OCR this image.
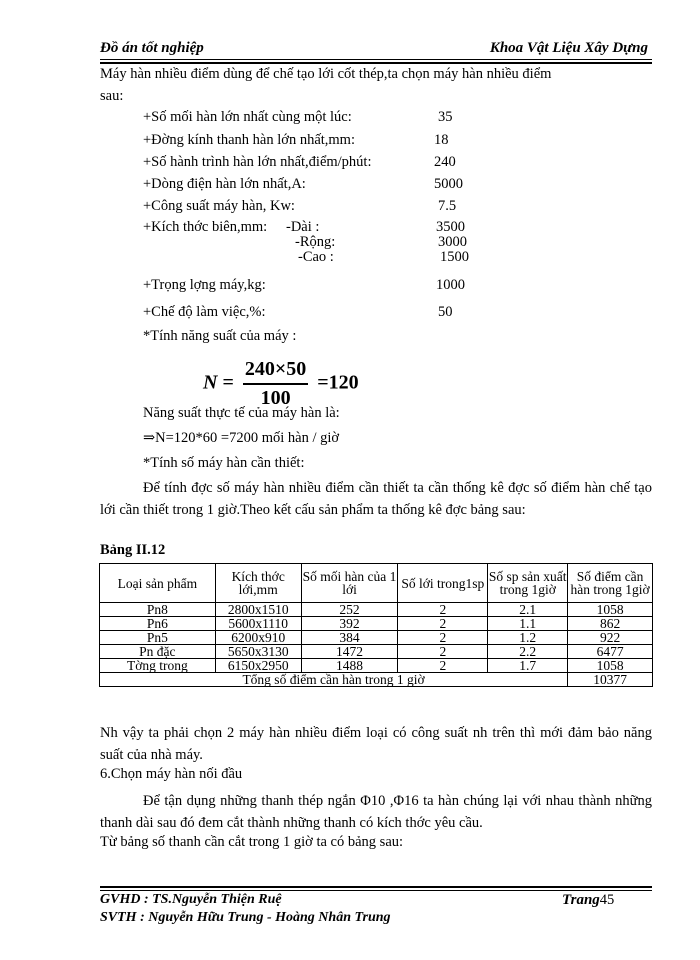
Đồ án tốt nghiệp	Khoa Vật Liệu Xây Dựng
Máy hàn nhiều điểm dùng để chế tạo lới cốt thép,ta chọn máy hàn nhiều điểm
sau:
+Số mối hàn lớn nhất cùng một lúc:	35
+Đờng kính thanh hàn lớn nhất,mm:	18
+Số hành trình hàn lớn nhất,điểm/phút:	240
+Dòng điện hàn lớn nhất,A:	5000
+Công suất máy hàn, Kw:	7.5
+Kích thớc biên,mm: -Dài :	3500
-Rộng:	3000
-Cao :	1500
+Trọng lợng máy,kg:	1000
+Chế độ làm việc,%:	50
*Tính năng suất của máy :
$N = \frac{240\times 50}{100} =120$
Năng suất thực tế của máy hàn là:
⇒N=120*60 =7200 mối hàn / giờ
*Tính số máy hàn cần thiết:
Để tính đợc số máy hàn nhiều điểm cần thiết ta cần thống kê đợc số điểm hàn chế tạo lới cần thiết trong 1 giờ.Theo kết cấu sản phẩm ta thống kê đợc bảng sau:
Bảng II.12
Loại sản phẩm	Kích thớc lới,mm	Số mối hàn của 1 lới	Số lới trong1sp	Số sp sản xuất trong 1giờ	Số điểm cần hàn trong 1giờ
Pn8	2800x1510	252	2	2.1	1058
Pn6	5600x1110	392	2	1.1	862
Pn5	6200x910	384	2	1.2	922
Pn đặc	5650x3130	1472	2	2.2	6477
Tờng trong	6150x2950	1488	2	1.7	1058
Tổng số điểm cần hàn trong 1 giờ					10377
Nh vậy ta phải chọn 2 máy hàn nhiều điểm loại có công suất nh trên thì mới đảm bảo năng suất của nhà máy.
6.Chọn máy hàn nối đầu
Để tận dụng những thanh thép ngắn Φ10 ,Φ16 ta hàn chúng lại với nhau thành những thanh dài sau đó đem cắt thành những thanh có kích thớc yêu cầu.
Từ bảng số thanh cần cắt trong 1 giờ ta có bảng sau:
GVHD : TS.Nguyễn Thiện Ruệ	Trang45
SVTH : Nguyễn Hữu Trung - Hoàng Nhân Trung
